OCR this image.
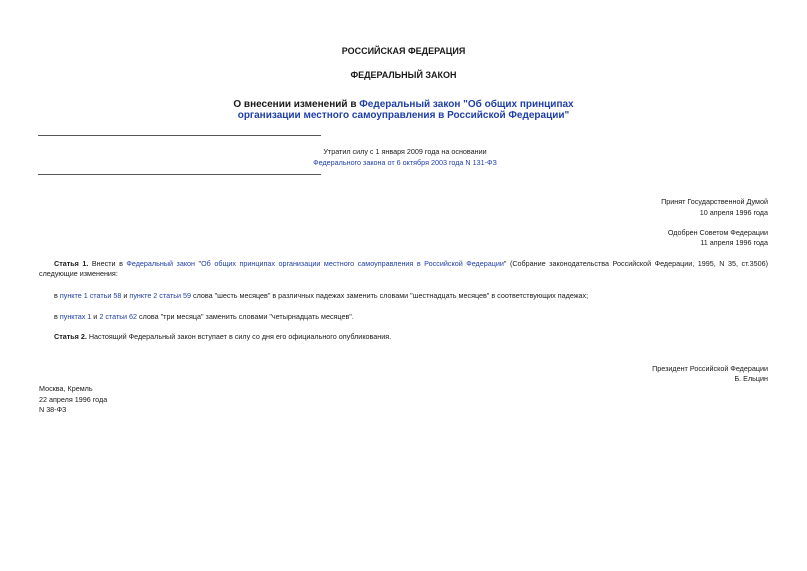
РОССИЙСКАЯ ФЕДЕРАЦИЯ
ФЕДЕРАЛЬНЫЙ ЗАКОН
О внесении изменений в Федеральный закон "Об общих принципах
организации местного самоуправления в Российской Федерации"
Утратил силу с 1 января 2009 года на основании
Федерального закона от 6 октября 2003 года N 131-ФЗ
Принят Государственной Думой
10 апреля 1996 года
Одобрен Советом Федерации
11 апреля 1996 года
Статья 1. Внести в Федеральный закон "Об общих принципах организации местного самоуправления в Российской Федерации" (Собрание законодательства Российской Федерации, 1995, N 35, ст.3506) следующие изменения:
в пункте 1 статьи 58 и пункте 2 статьи 59 слова "шесть месяцев" в различных падежах заменить словами "шестнадцать месяцев" в соответствующих падежах;
в пунктах 1 и 2 статьи 62 слова "три месяца" заменить словами "четырнадцать месяцев".
Статья 2. Настоящий Федеральный закон вступает в силу со дня его официального опубликования.
Президент Российской Федерации
Б. Ельцин
Москва, Кремль
22 апреля 1996 года
N 38-ФЗ
